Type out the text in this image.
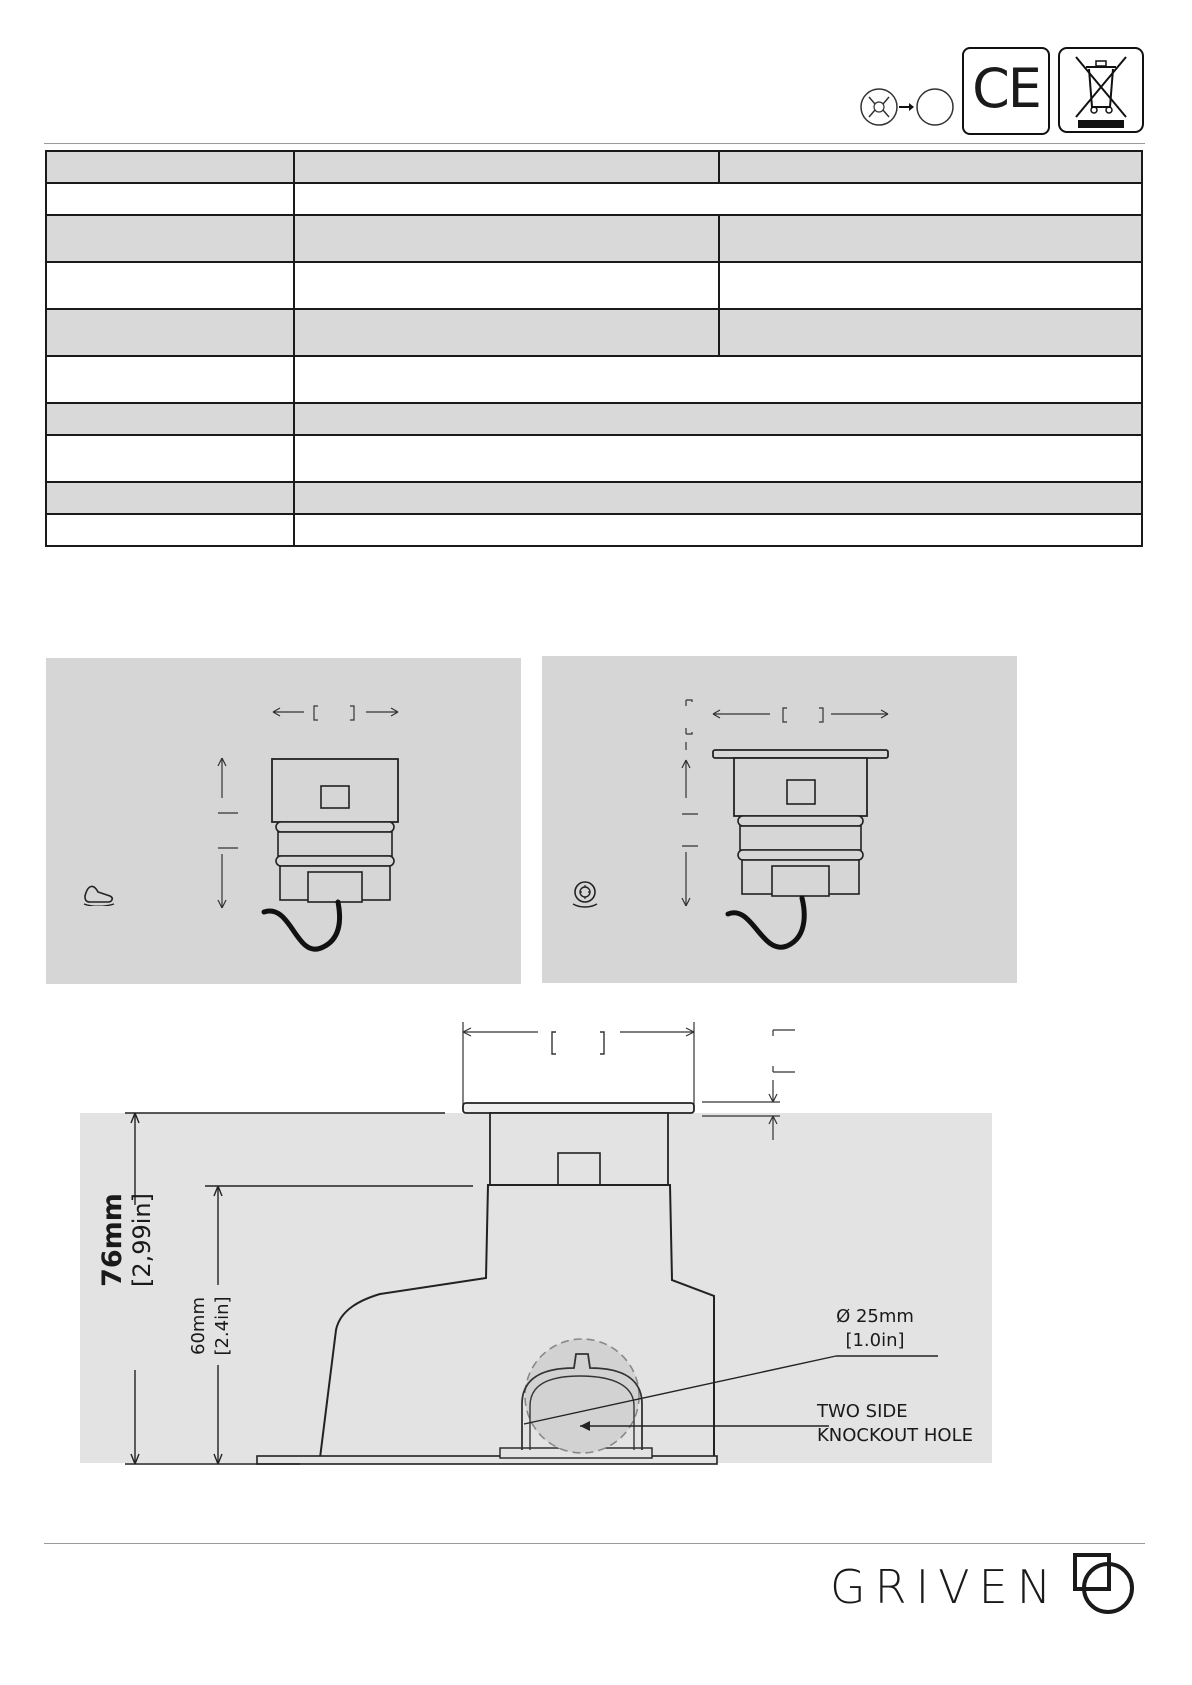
CE

76mm [2,99in]
60mm [2.4in]	Ø 25mm
[1.0in]
TWO SIDE
KNOCKOUT HOLE
GRIVEN
